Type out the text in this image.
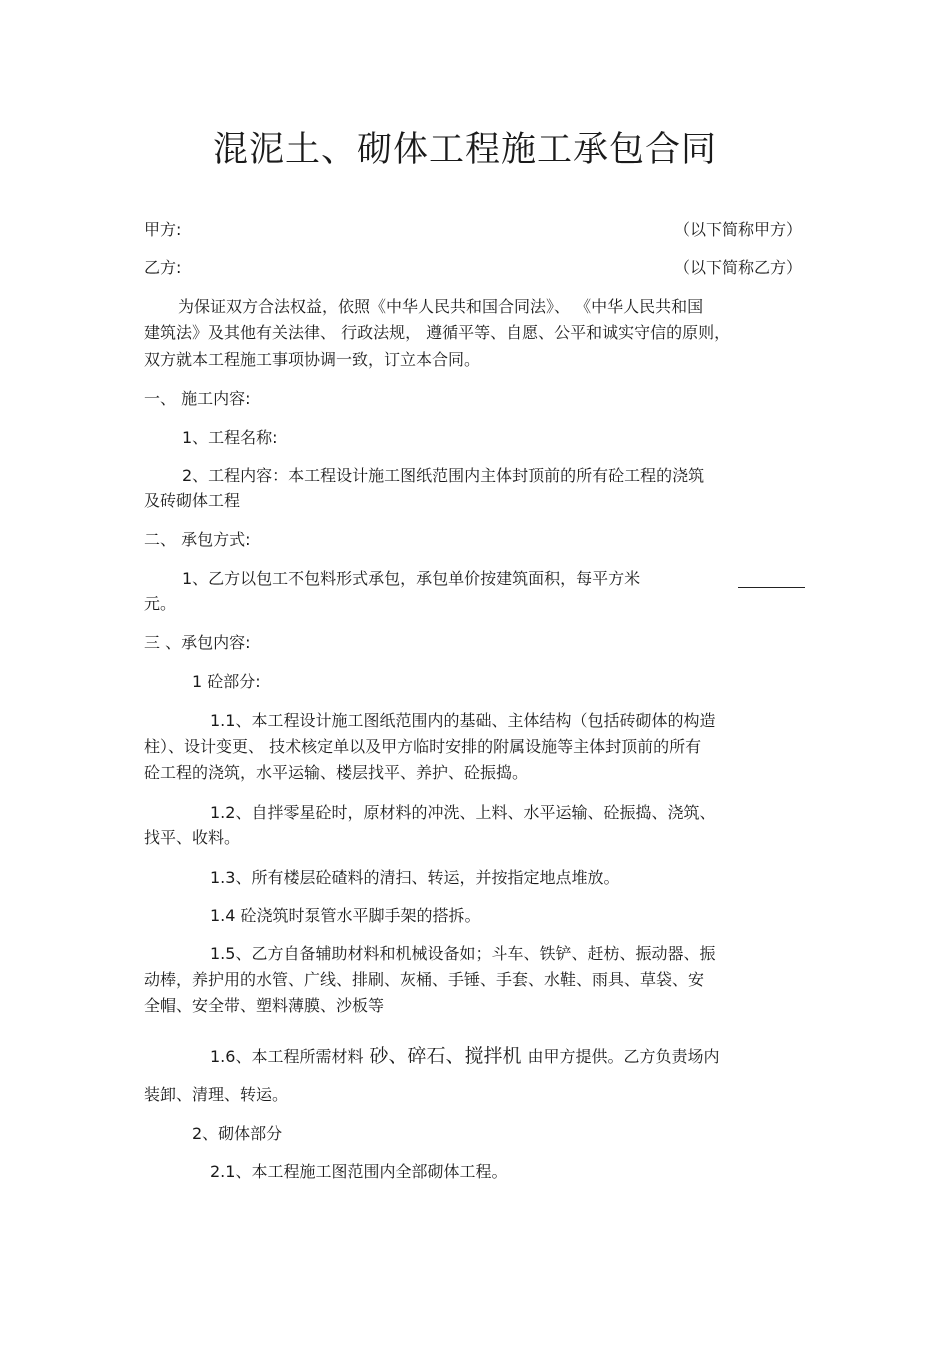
混泥土、砌体工程施工承包合同
甲方:	（以下简称甲方）
乙方:	（以下简称乙方）
为保证双方合法权益，依照《中华人民共和国合同法》、 《中华人民共和国
建筑法》及其他有关法律、 行政法规， 遵循平等、自愿、公平和诚实守信的原则，
双方就本工程施工事项协调一致，订立本合同。
一、 施工内容:
1、工程名称:
2、工程内容：本工程设计施工图纸范围内主体封顶前的所有砼工程的浇筑
及砖砌体工程
二、 承包方式:
1、乙方以包工不包料形式承包，承包单价按建筑面积，每平方米
元。
三 、承包内容:
1 砼部分:
1.1、本工程设计施工图纸范围内的基础、主体结构（包括砖砌体的构造
柱）、设计变更、 技术核定单以及甲方临时安排的附属设施等主体封顶前的所有
砼工程的浇筑，水平运输、楼层找平、养护、砼振捣。
1.2、自拌零星砼时，原材料的冲洗、上料、水平运输、砼振捣、浇筑、
找平、收料。
1.3、所有楼层砼碴料的清扫、转运，并按指定地点堆放。
1.4 砼浇筑时泵管水平脚手架的搭拆。
1.5、乙方自备辅助材料和机械设备如；斗车、铁铲、赶枋、振动器、振
动棒，养护用的水管、广线、排刷、灰桶、手锤、手套、水鞋、雨具、草袋、安
全帽、安全带、塑料薄膜、沙板等
1.6、本工程所需材料 砂、碎石、搅拌机 由甲方提供。乙方负责场内
装卸、清理、转运。
2、砌体部分
2.1、本工程施工图范围内全部砌体工程。
